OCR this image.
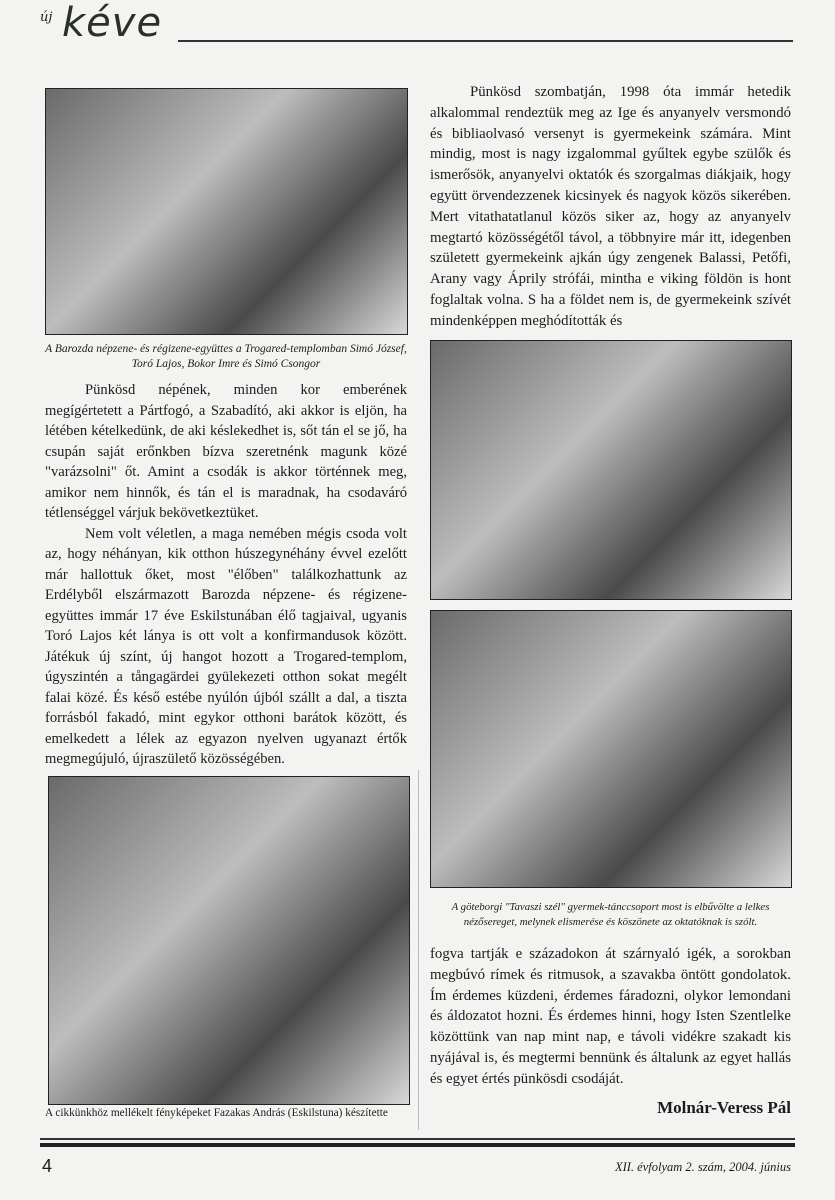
új kéve
A Barozda népzene- és régizene-együttes a Trogared-templomban Simó József, Toró Lajos, Bokor Imre és Simó Csongor

Pünkösd népének, minden kor emberének megígértetett a Pártfogó, a Szabadító, aki akkor is eljön, ha létében kételkedünk, de aki késlekedhet is, sőt tán el se jő, ha csupán saját erőnkben bízva szeretnénk magunk közé "varázsolni" őt. Amint a csodák is akkor történnek meg, amikor nem hinnők, és tán el is maradnak, ha csodaváró tétlenséggel várjuk bekövetkeztüket.

Nem volt véletlen, a maga nemében mégis csoda volt az, hogy néhányan, kik otthon húszegynéhány évvel ezelőtt már hallottuk őket, most "élőben" találkozhattunk az Erdélyből elszármazott Barozda népzene- és régizene-együttes immár 17 éve Eskilstunában élő tagjaival, ugyanis Toró Lajos két lánya is ott volt a konfirmandusok között. Játékuk új színt, új hangot hozott a Trogared-templom, úgyszintén a tångagärdei gyülekezeti otthon sokat megélt falai közé. És késő estébe nyúlón újból szállt a dal, a tiszta forrásból fakadó, mint egykor otthoni barátok között, és emelkedett a lélek az egyazon nyelven ugyanazt értők megmegújuló, újraszülető közösségében.

A cikkünkhöz mellékelt fényképeket Fazakas András (Eskilstuna) készítette

Pünkösd szombatján, 1998 óta immár hetedik alkalommal rendeztük meg az Ige és anyanyelv versmondó és bibliaolvasó versenyt is gyermekeink számára. Mint mindig, most is nagy izgalommal gyűltek egybe szülők és ismerősök, anyanyelvi oktatók és szorgalmas diákjaik, hogy együtt örvendezzenek kicsinyek és nagyok közös sikerében. Mert vitathatatlanul közös siker az, hogy az anyanyelv megtartó közösségétől távol, a többnyire már itt, idegenben született gyermekeink ajkán úgy zengenek Balassi, Petőfi, Arany vagy Áprily strófái, mintha e viking földön is hont foglaltak volna. S ha a földet nem is, de gyermekeink szívét mindenképpen meghódították és

A göteborgi "Tavaszi szél" gyermek-tánccsoport most is elbűvölte a lelkes nézősereget, melynek elismerése és köszönete az oktatóknak is szólt.

fogva tartják e századokon át szárnyaló igék, a sorokban megbúvó rímek és ritmusok, a szavakba öntött gondolatok. Ím érdemes küzdeni, érdemes fáradozni, olykor lemondani és áldozatot hozni. És érdemes hinni, hogy Isten Szentlelke közöttünk van nap mint nap, e távoli vidékre szakadt kis nyájával is, és megtermi bennünk és általunk az egyet hallás és egyet értés pünkösdi csodáját.

Molnár-Veress Pál
4	XII. évfolyam 2. szám, 2004. június
